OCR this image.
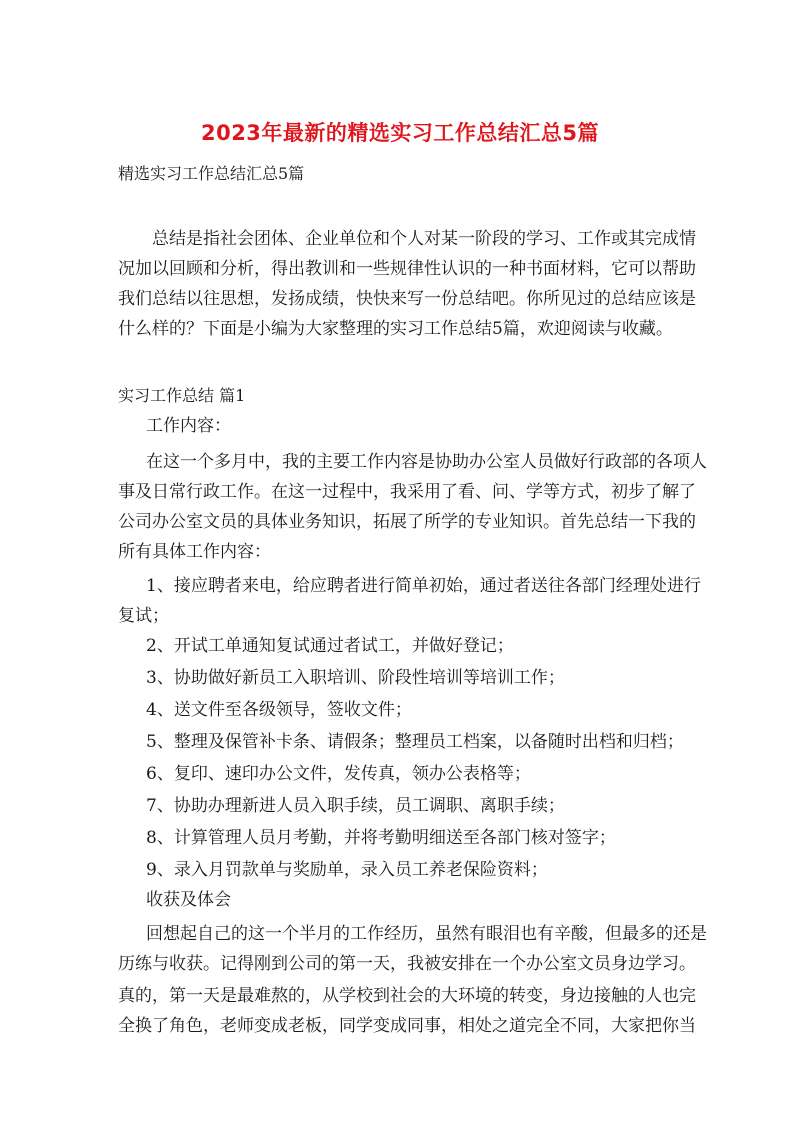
2023年最新的精选实习工作总结汇总5篇
精选实习工作总结汇总5篇
总结是指社会团体、企业单位和个人对某一阶段的学习、工作或其完成情
况加以回顾和分析，得出教训和一些规律性认识的一种书面材料，它可以帮助
我们总结以往思想，发扬成绩，快快来写一份总结吧。你所见过的总结应该是
什么样的？下面是小编为大家整理的实习工作总结5篇，欢迎阅读与收藏。
实习工作总结 篇1
工作内容：
在这一个多月中，我的主要工作内容是协助办公室人员做好行政部的各项人
事及日常行政工作。在这一过程中，我采用了看、问、学等方式，初步了解了
公司办公室文员的具体业务知识，拓展了所学的专业知识。首先总结一下我的
所有具体工作内容：
1、接应聘者来电，给应聘者进行简单初始，通过者送往各部门经理处进行
复试；
2、开试工单通知复试通过者试工，并做好登记；
3、协助做好新员工入职培训、阶段性培训等培训工作；
4、送文件至各级领导，签收文件；
5、整理及保管补卡条、请假条；整理员工档案，以备随时出档和归档；
6、复印、速印办公文件，发传真，领办公表格等；
7、协助办理新进人员入职手续，员工调职、离职手续；
8、计算管理人员月考勤，并将考勤明细送至各部门核对签字；
9、录入月罚款单与奖励单，录入员工养老保险资料；
收获及体会
回想起自己的这一个半月的工作经历，虽然有眼泪也有辛酸，但最多的还是
历练与收获。记得刚到公司的第一天，我被安排在一个办公室文员身边学习。
真的，第一天是最难熬的，从学校到社会的大环境的转变，身边接触的人也完
全换了角色，老师变成老板，同学变成同事，相处之道完全不同，大家把你当
